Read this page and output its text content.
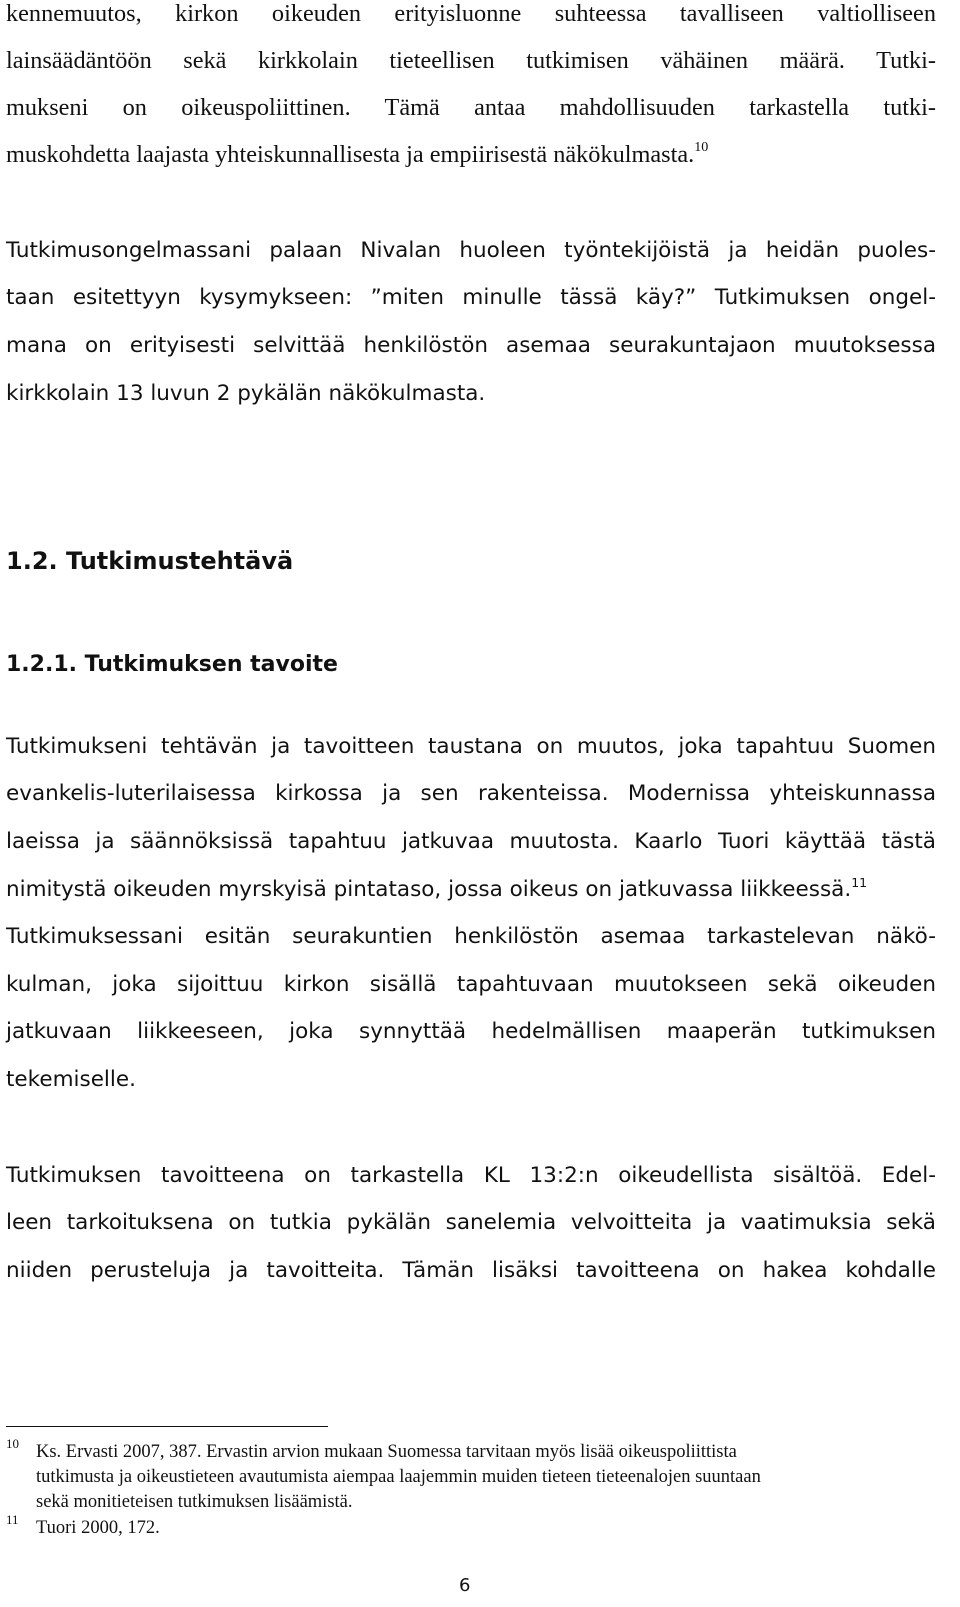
kennemuutos, kirkon oikeuden erityisluonne suhteessa tavalliseen valtiolliseen
lainsäädäntöön sekä kirkkolain tieteellisen tutkimisen vähäinen määrä. Tutki-
mukseni on oikeuspoliittinen. Tämä antaa mahdollisuuden tarkastella tutki-
muskohdetta laajasta yhteiskunnallisesta ja empiirisestä näkökulmasta.$^{10}$
Tutkimusongelmassani palaan Nivalan huoleen työntekijöistä ja heidän puoles-
taan esitettyyn kysymykseen: ”miten minulle tässä käy?” Tutkimuksen ongel-
mana on erityisesti selvittää henkilöstön asemaa seurakuntajaon muutoksessa
kirkkolain 13 luvun 2 pykälän näkökulmasta.
1.2. Tutkimustehtävä
1.2.1. Tutkimuksen tavoite
Tutkimukseni tehtävän ja tavoitteen taustana on muutos, joka tapahtuu Suomen
evankelis-luterilaisessa kirkossa ja sen rakenteissa. Modernissa yhteiskunnassa
laeissa ja säännöksissä tapahtuu jatkuvaa muutosta. Kaarlo Tuori käyttää tästä
nimitystä oikeuden myrskyisä pintataso, jossa oikeus on jatkuvassa liikkeessä.$^{11}$
Tutkimuksessani esitän seurakuntien henkilöstön asemaa tarkastelevan näkö-
kulman, joka sijoittuu kirkon sisällä tapahtuvaan muutokseen sekä oikeuden
jatkuvaan liikkeeseen, joka synnyttää hedelmällisen maaperän tutkimuksen
tekemiselle.
Tutkimuksen tavoitteena on tarkastella KL 13:2:n oikeudellista sisältöä. Edel-
leen tarkoituksena on tutkia pykälän sanelemia velvoitteita ja vaatimuksia sekä
niiden perusteluja ja tavoitteita. Tämän lisäksi tavoitteena on hakea kohdalle
10 Ks. Ervasti 2007, 387. Ervastin arvion mukaan Suomessa tarvitaan myös lisää oikeuspoliittista
tutkimusta ja oikeustieteen avautumista aiempaa laajemmin muiden tieteen tieteenalojen suuntaan
sekä monitieteisen tutkimuksen lisäämistä.
11 Tuori 2000, 172.
6
